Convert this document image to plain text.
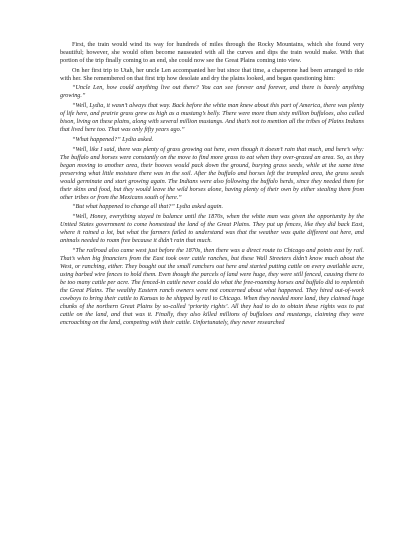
First, the train would wind its way for hundreds of miles through the Rocky Mountains, which she found very beautiful; however, she would often become nauseated with all the curves and dips the train would make. With that portion of the trip finally coming to an end, she could now see the Great Plains coming into view.

On her first trip to Utah, her uncle Len accompanied her but since that time, a chaperone had been arranged to ride with her. She remembered on that first trip how desolate and dry the plains looked, and began questioning him:

“Uncle Len, how could anything live out there? You can see forever and forever, and there is barely anything growing.”

“Well, Lydia, it wasn’t always that way. Back before the white man knew about this part of America, there was plenty of life here, and prairie grass grew as high as a mustang’s belly. There were more than sixty million buffaloes, also called bison, living on these plains, along with several million mustangs. And that’s not to mention all the tribes of Plains Indians that lived here too. That was only fifty years ago.”

“What happened?” Lydia asked.

“Well, like I said, there was plenty of grass growing out here, even though it doesn’t rain that much, and here’s why: The buffalo and horses were constantly on the move to find more grass to eat when they over-grazed an area. So, as they began moving to another area, their hooves would pack down the ground, burying grass seeds, while at the same time preserving what little moisture there was in the soil. After the buffalo and horses left the trampled area, the grass seeds would germinate and start growing again. The Indians were also following the buffalo herds, since they needed them for their skins and food, but they would leave the wild horses alone, having plenty of their own by either stealing them from other tribes or from the Mexicans south of here.”

“But what happened to change all that?” Lydia asked again.

“Well, Honey, everything stayed in balance until the 1870s, when the white man was given the opportunity by the United States government to come homestead the land of the Great Plains. They put up fences, like they did back East, where it rained a lot, but what the farmers failed to understand was that the weather was quite different out here, and animals needed to roam free because it didn’t rain that much.

“The railroad also came west just before the 1870s, then there was a direct route to Chicago and points east by rail. That’s when big financiers from the East took over cattle ranches, but these Wall Streeters didn’t know much about the West, or ranching, either. They bought out the small ranchers out here and started putting cattle on every available acre, using barbed wire fences to hold them. Even though the parcels of land were huge, they were still fenced, causing there to be too many cattle per acre. The fenced-in cattle never could do what the free-roaming horses and buffalo did to replenish the Great Plains. The wealthy Eastern ranch owners were not concerned about what happened. They hired out-of-work cowboys to bring their cattle to Kansas to be shipped by rail to Chicago. When they needed more land, they claimed huge chunks of the northern Great Plains by so-called ‘priority rights’. All they had to do to obtain these rights was to put cattle on the land, and that was it. Finally, they also killed millions of buffaloes and mustangs, claiming they were encroaching on the land, competing with their cattle. Unfortunately, they never researched
